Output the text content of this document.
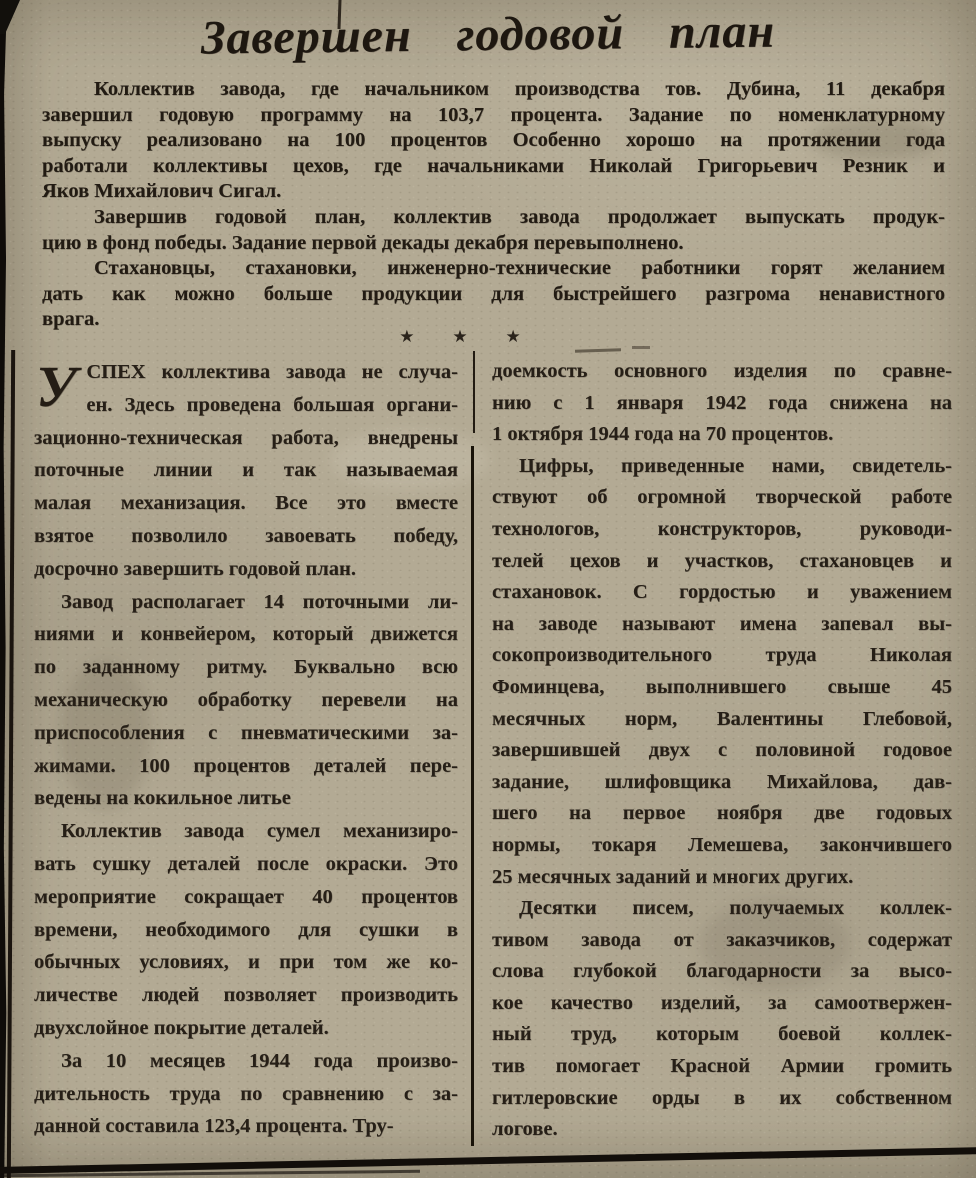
Завершен годовой план
Коллектив завода, где начальником производства тов. Дубина, 11 декабря
завершил годовую программу на 103,7 процента. Задание по номенклатурному
выпуску реализовано на 100 процентов Особенно хорошо на протяжении года
работали коллективы цехов, где начальниками Николай Григорьевич Резник и
Яков Михайлович Сигал.
Завершив годовой план, коллектив завода продолжает выпускать продук-
цию в фонд победы. Задание первой декады декабря перевыполнено.
Стахановцы, стахановки, инженерно-технические работники горят желанием
дать как можно больше продукции для быстрейшего разгрома ненавистного
врага.
★ ★ ★
У СПЕХ коллектива завода не случа-
ен. Здесь проведена большая органи-
зационно-техническая работа, внедрены
поточные линии и так называемая
малая механизация. Все это вместе
взятое позволило завоевать победу,
досрочно завершить годовой план.
Завод располагает 14 поточными ли-
ниями и конвейером, который движется
по заданному ритму. Буквально всю
механическую обработку перевели на
приспособления с пневматическими за-
жимами. 100 процентов деталей пере-
ведены на кокильное литье
Коллектив завода сумел механизиро-
вать сушку деталей после окраски. Это
мероприятие сокращает 40 процентов
времени, необходимого для сушки в
обычных условиях, и при том же ко-
личестве людей позволяет производить
двухслойное покрытие деталей.
За 10 месяцев 1944 года произво-
дительность труда по сравнению с за-
данной составила 123,4 процента. Тру-
доемкость основного изделия по сравне-
нию с 1 января 1942 года снижена на
1 октября 1944 года на 70 процентов.
Цифры, приведенные нами, свидетель-
ствуют об огромной творческой работе
технологов, конструкторов, руководи-
телей цехов и участков, стахановцев и
стахановок. С гордостью и уважением
на заводе называют имена запевал вы-
сокопроизводительного труда Николая
Фоминцева, выполнившего свыше 45
месячных норм, Валентины Глебовой,
завершившей двух с половиной годовое
задание, шлифовщика Михайлова, дав-
шего на первое ноября две годовых
нормы, токаря Лемешева, закончившего
25 месячных заданий и многих других.
Десятки писем, получаемых коллек-
тивом завода от заказчиков, содержат
слова глубокой благодарности за высо-
кое качество изделий, за самоотвержен-
ный труд, которым боевой коллек-
тив помогает Красной Армии громить
гитлеровские орды в их собственном
логове.
